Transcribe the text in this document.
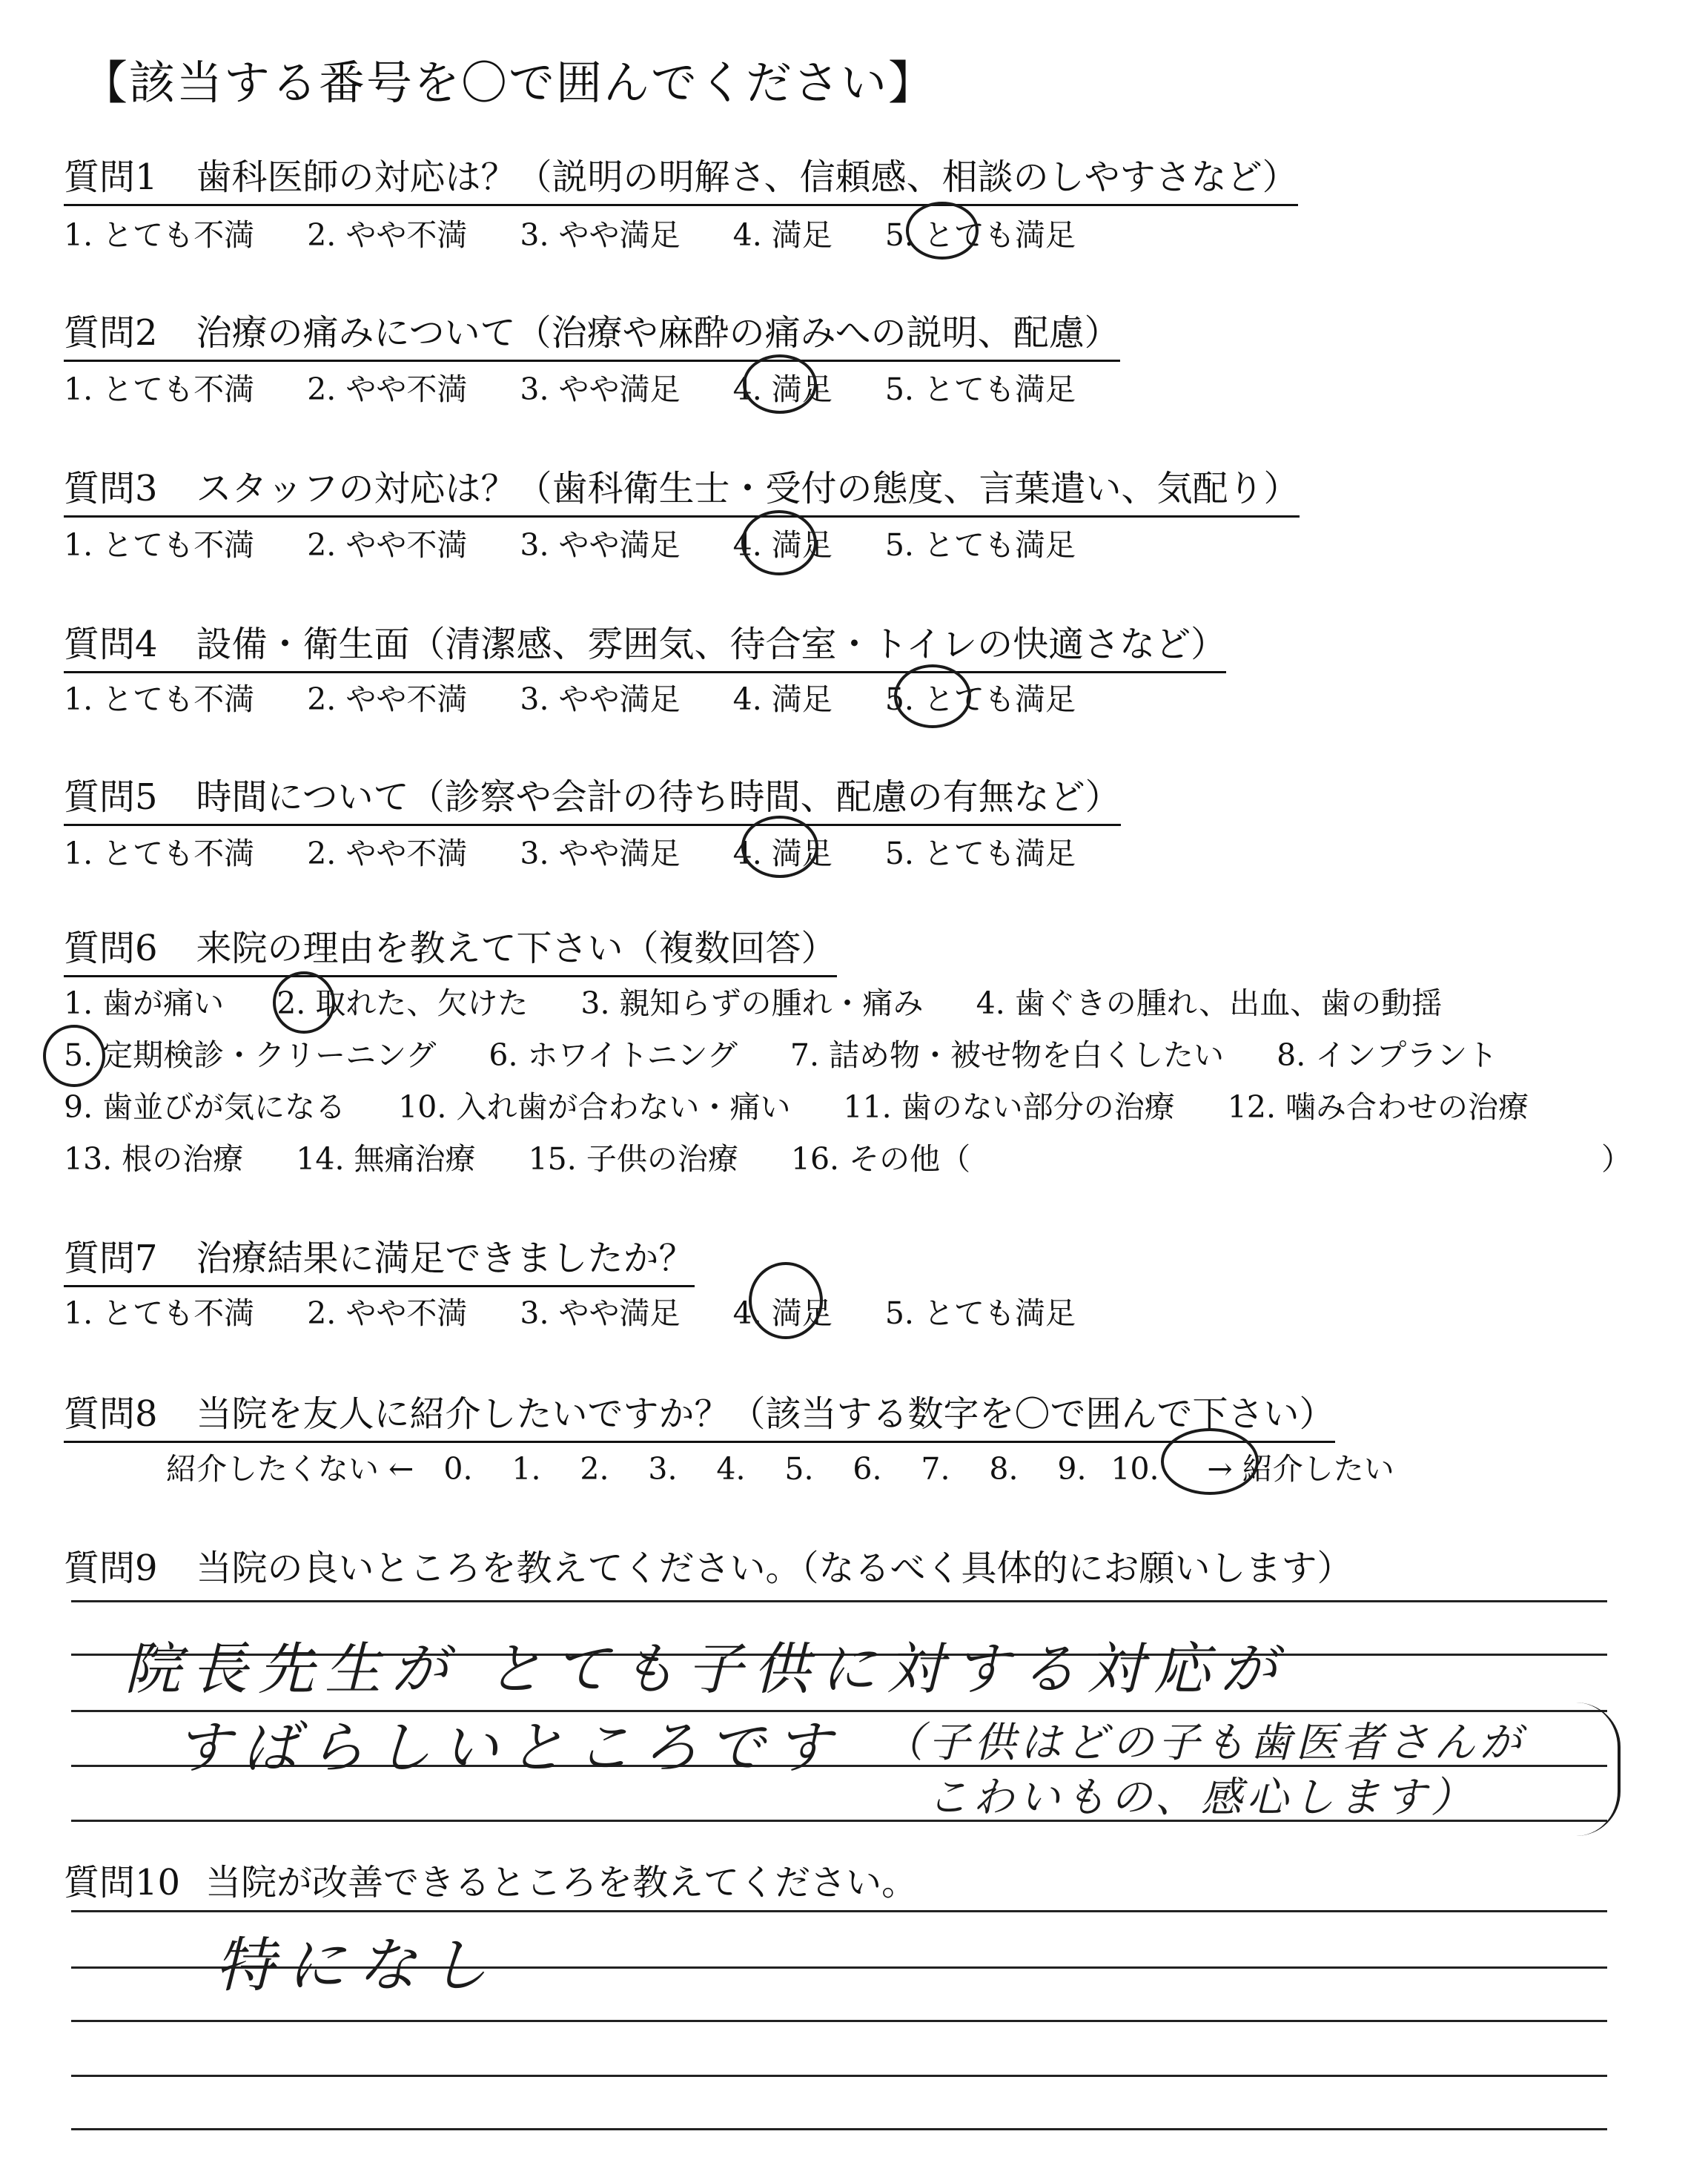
【該当する番号を〇で囲んでください】
質問1 歯科医師の対応は？（説明の明解さ、信頼感、相談のしやすさなど）
1. とても不満 2. やや不満 3. やや満足 4. 満足 5. とても満足
質問2 治療の痛みについて（治療や麻酔の痛みへの説明、配慮）
1. とても不満 2. やや不満 3. やや満足 4. 満足 5. とても満足
質問3 スタッフの対応は？（歯科衛生士・受付の態度、言葉遣い、気配り）
1. とても不満 2. やや不満 3. やや満足 4. 満足 5. とても満足
質問4 設備・衛生面（清潔感、雰囲気、待合室・トイレの快適さなど）
1. とても不満 2. やや不満 3. やや満足 4. 満足 5. とても満足
質問5 時間について（診察や会計の待ち時間、配慮の有無など）
1. とても不満 2. やや不満 3. やや満足 4. 満足 5. とても満足
質問6 来院の理由を教えて下さい（複数回答）
1. 歯が痛い 2. 取れた、欠けた 3. 親知らずの腫れ・痛み 4. 歯ぐきの腫れ、出血、歯の動揺
5. 定期検診・クリーニング 6. ホワイトニング 7. 詰め物・被せ物を白くしたい 8. インプラント
9. 歯並びが気になる 10. 入れ歯が合わない・痛い 11. 歯のない部分の治療 12. 噛み合わせの治療
13. 根の治療 14. 無痛治療 15. 子供の治療 16. その他（	）
質問7 治療結果に満足できましたか？
1. とても不満 2. やや不満 3. やや満足 4. 満足 5. とても満足
質問8 当院を友人に紹介したいですか？（該当する数字を〇で囲んで下さい）
紹介したくない ← 0. 1. 2. 3. 4. 5. 6. 7. 8. 9. 10. → 紹介したい
質問9 当院の良いところを教えてください。（なるべく具体的にお願いします）
院長先生が とても子供に対する対応が
すばらしいところです （子供はどの子も歯医者さんが
こわいもの、感心します）
質問10 当院が改善できるところを教えてください。
特になし
